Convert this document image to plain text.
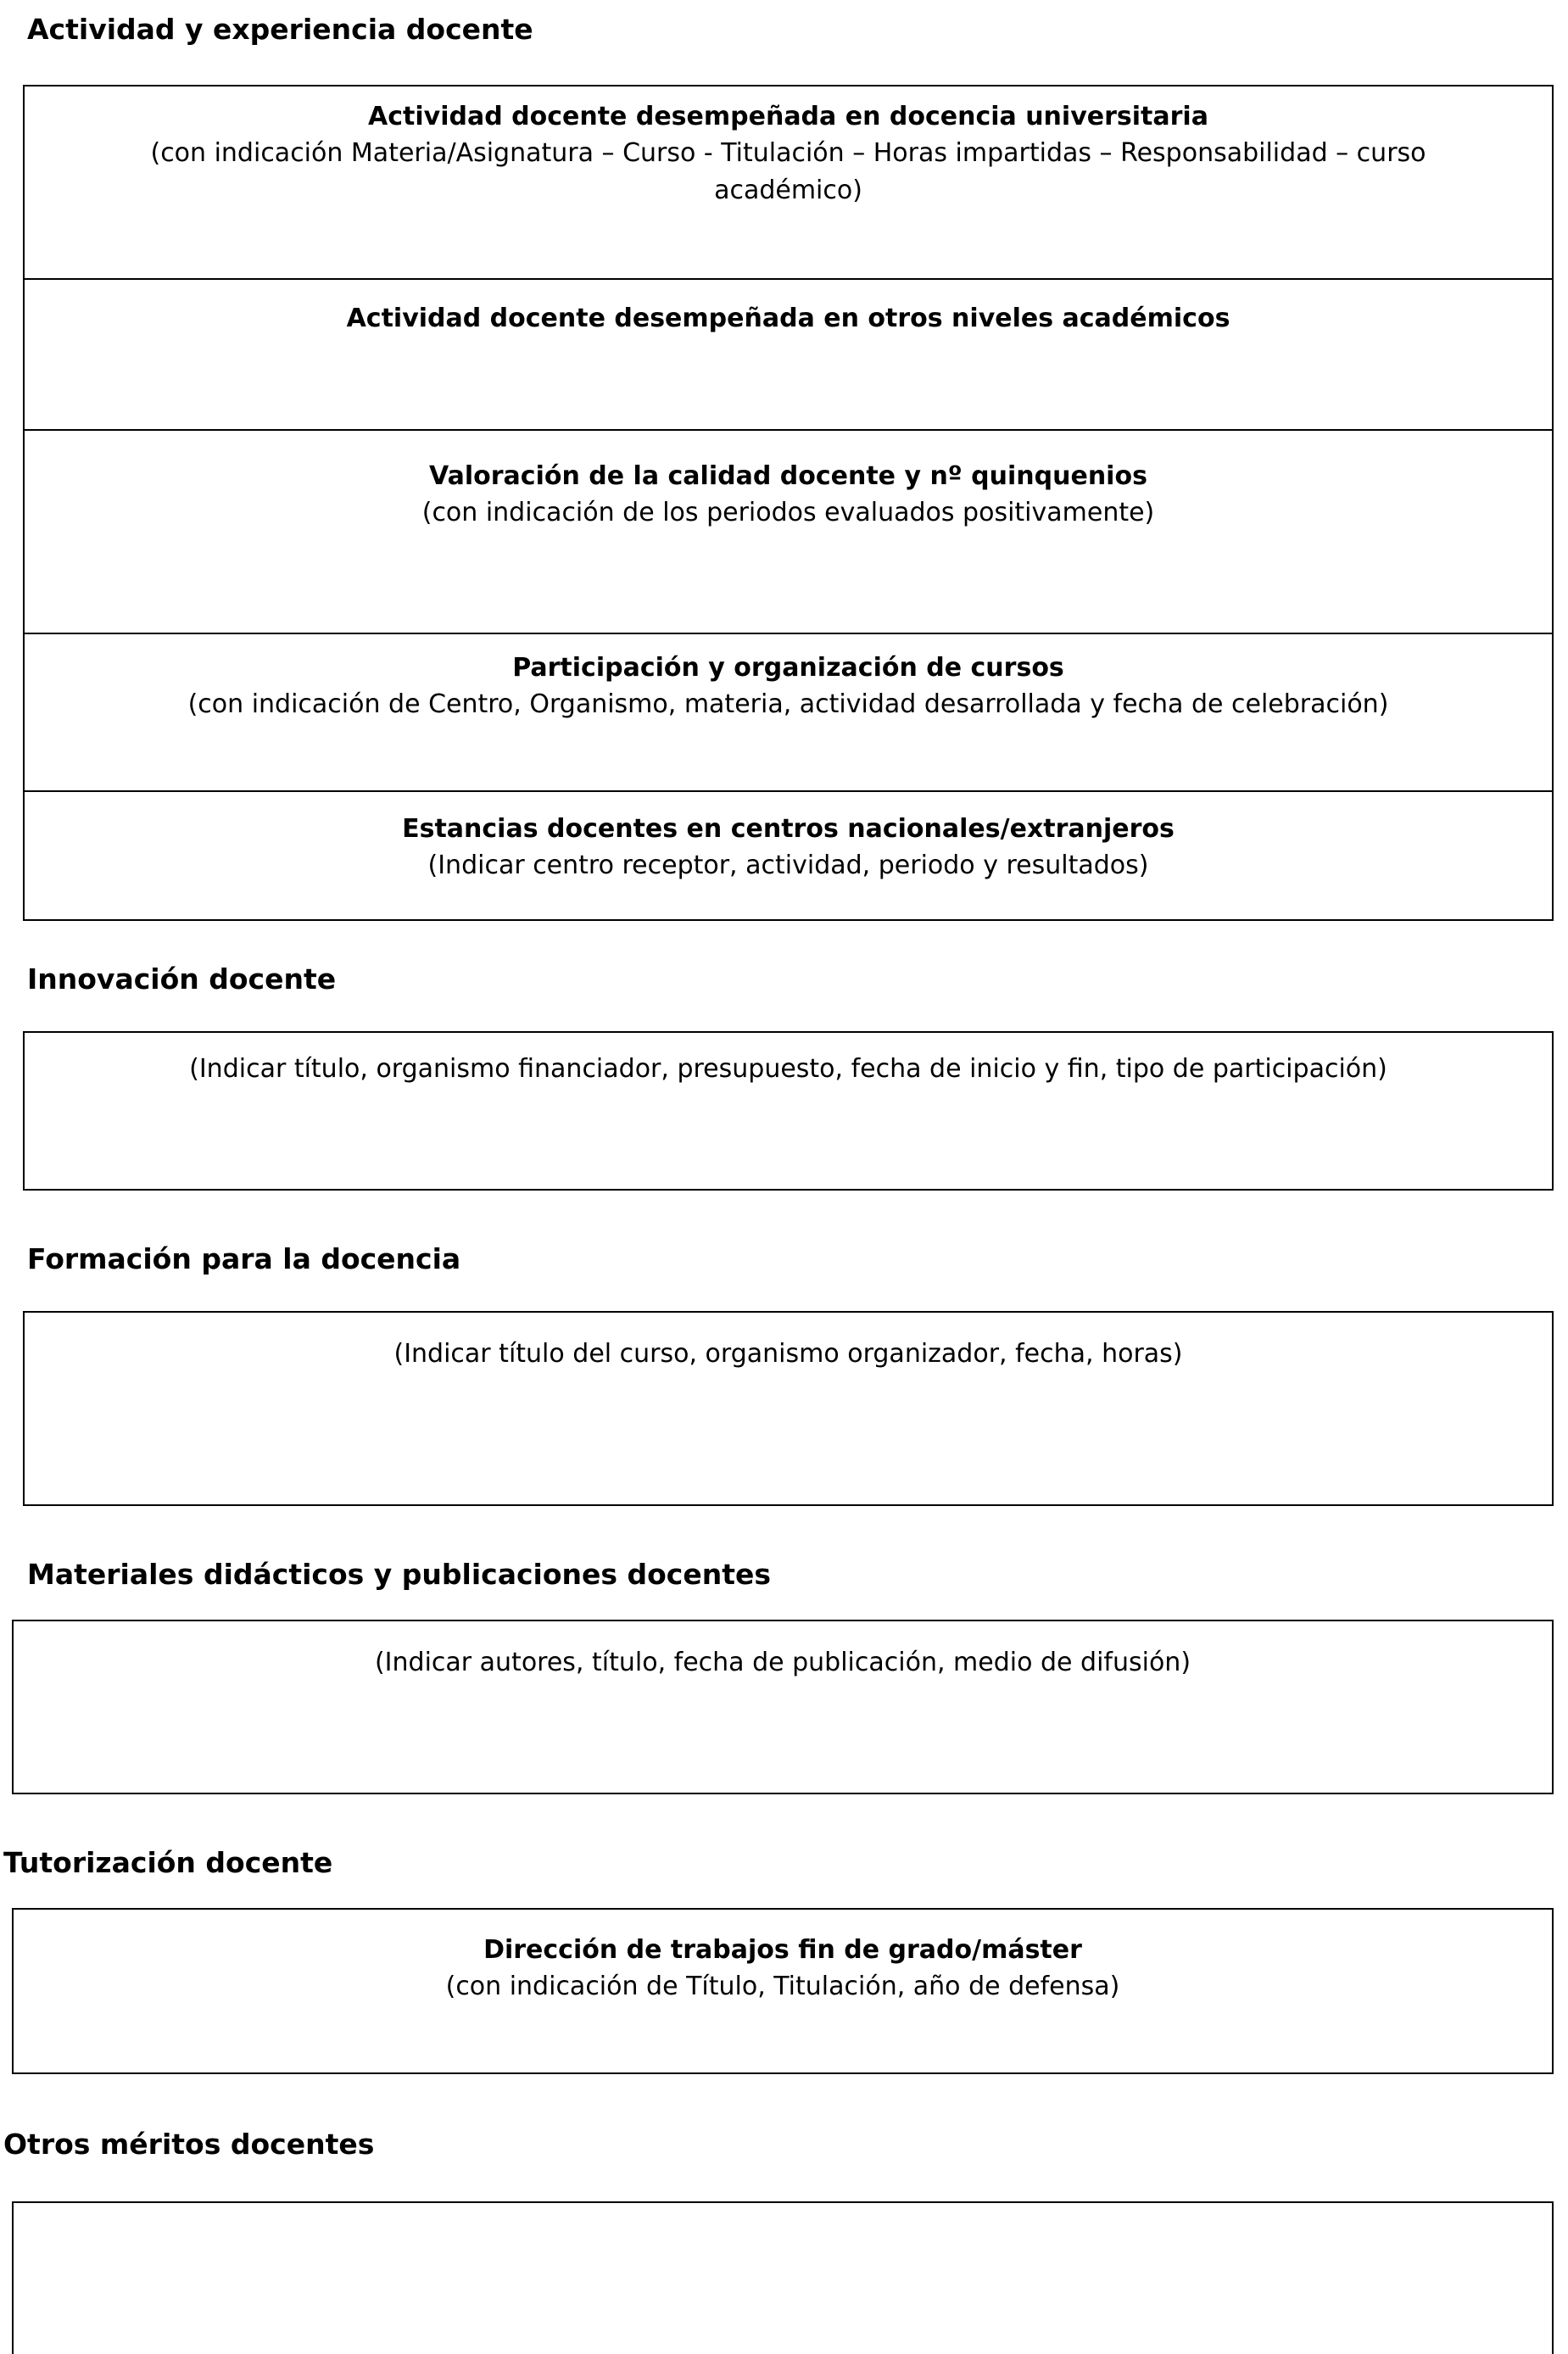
Actividad y experiencia docente
Actividad docente desempeñada en docencia universitaria
(con indicación Materia/Asignatura – Curso - Titulación – Horas impartidas – Responsabilidad – curso académico)
Actividad docente desempeñada en otros niveles académicos
Valoración de la calidad docente y nº quinquenios
(con indicación de los periodos evaluados positivamente)
Participación y organización de cursos
(con indicación de Centro, Organismo, materia, actividad desarrollada y fecha de celebración)
Estancias docentes en centros nacionales/extranjeros
(Indicar centro receptor, actividad, periodo y resultados)
Innovación docente
(Indicar título, organismo financiador, presupuesto, fecha de inicio y fin, tipo de participación)
Formación para la docencia
(Indicar título del curso, organismo organizador, fecha, horas)
Materiales didácticos y publicaciones docentes
(Indicar autores, título, fecha de publicación, medio de difusión)
Tutorización docente
Dirección de trabajos fin de grado/máster
(con indicación de Título, Titulación, año de defensa)
Otros méritos docentes
